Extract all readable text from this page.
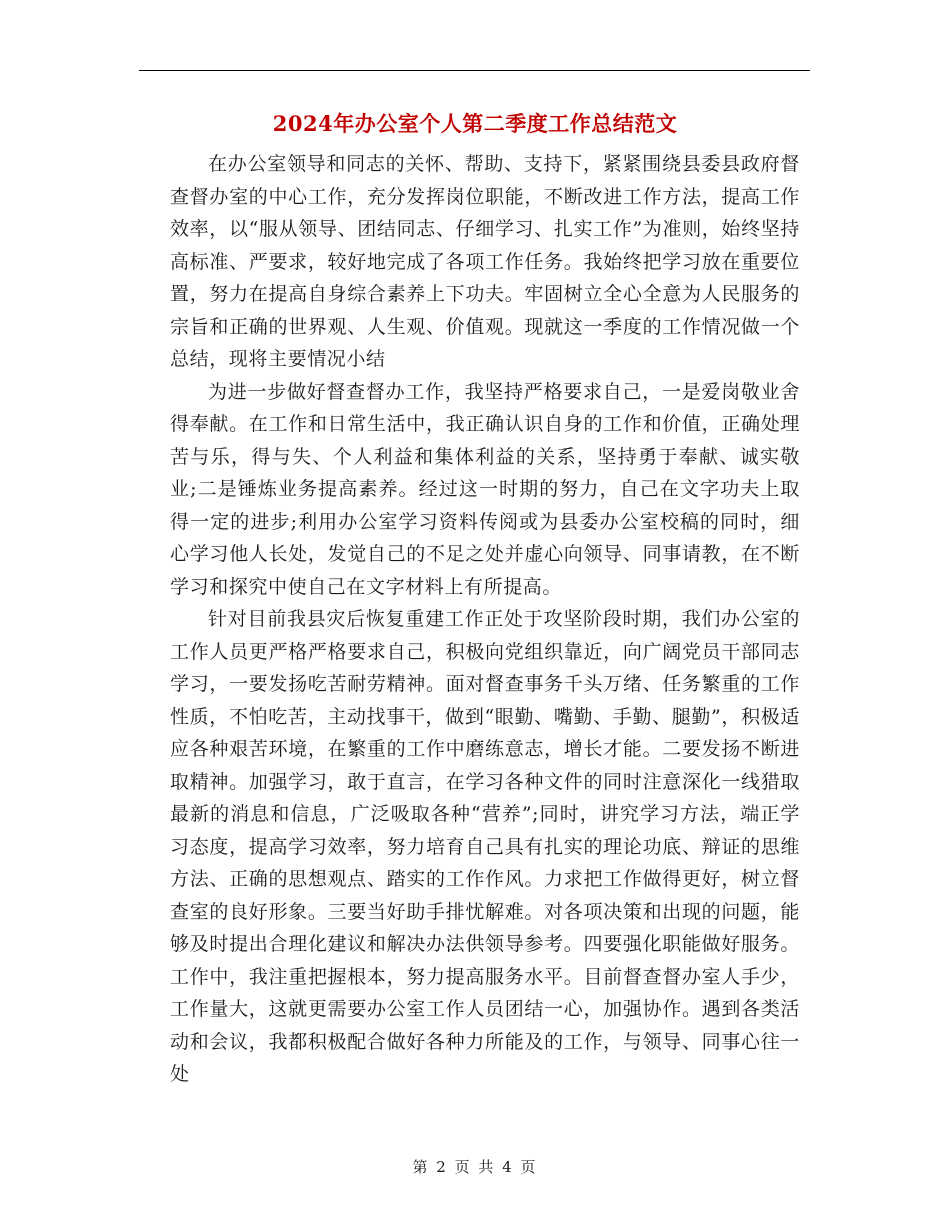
2024年办公室个人第二季度工作总结范文

在办公室领导和同志的关怀、帮助、支持下，紧紧围绕县委县政府督查督办室的中心工作，充分发挥岗位职能，不断改进工作方法，提高工作效率，以“服从领导、团结同志、仔细学习、扎实工作”为准则，始终坚持高标准、严要求，较好地完成了各项工作任务。我始终把学习放在重要位置，努力在提高自身综合素养上下功夫。牢固树立全心全意为人民服务的宗旨和正确的世界观、人生观、价值观。现就这一季度的工作情况做一个总结，现将主要情况小结

为进一步做好督查督办工作，我坚持严格要求自己，一是爱岗敬业舍得奉献。在工作和日常生活中，我正确认识自身的工作和价值，正确处理苦与乐，得与失、个人利益和集体利益的关系，坚持勇于奉献、诚实敬业;二是锤炼业务提高素养。经过这一时期的努力，自己在文字功夫上取得一定的进步;利用办公室学习资料传阅或为县委办公室校稿的同时，细心学习他人长处，发觉自己的不足之处并虚心向领导、同事请教，在不断学习和探究中使自己在文字材料上有所提高。

针对目前我县灾后恢复重建工作正处于攻坚阶段时期，我们办公室的工作人员更严格严格要求自己，积极向党组织靠近，向广阔党员干部同志学习，一要发扬吃苦耐劳精神。面对督查事务千头万绪、任务繁重的工作性质，不怕吃苦，主动找事干，做到“眼勤、嘴勤、手勤、腿勤”，积极适应各种艰苦环境，在繁重的工作中磨练意志，增长才能。二要发扬不断进取精神。加强学习，敢于直言，在学习各种文件的同时注意深化一线猎取最新的消息和信息，广泛吸取各种“营养”;同时，讲究学习方法，端正学习态度，提高学习效率，努力培育自己具有扎实的理论功底、辩证的思维方法、正确的思想观点、踏实的工作作风。力求把工作做得更好，树立督查室的良好形象。三要当好助手排忧解难。对各项决策和出现的问题，能够及时提出合理化建议和解决办法供领导参考。四要强化职能做好服务。工作中，我注重把握根本，努力提高服务水平。目前督查督办室人手少，工作量大，这就更需要办公室工作人员团结一心，加强协作。遇到各类活动和会议，我都积极配合做好各种力所能及的工作，与领导、同事心往一处

第 2 页 共 4 页
